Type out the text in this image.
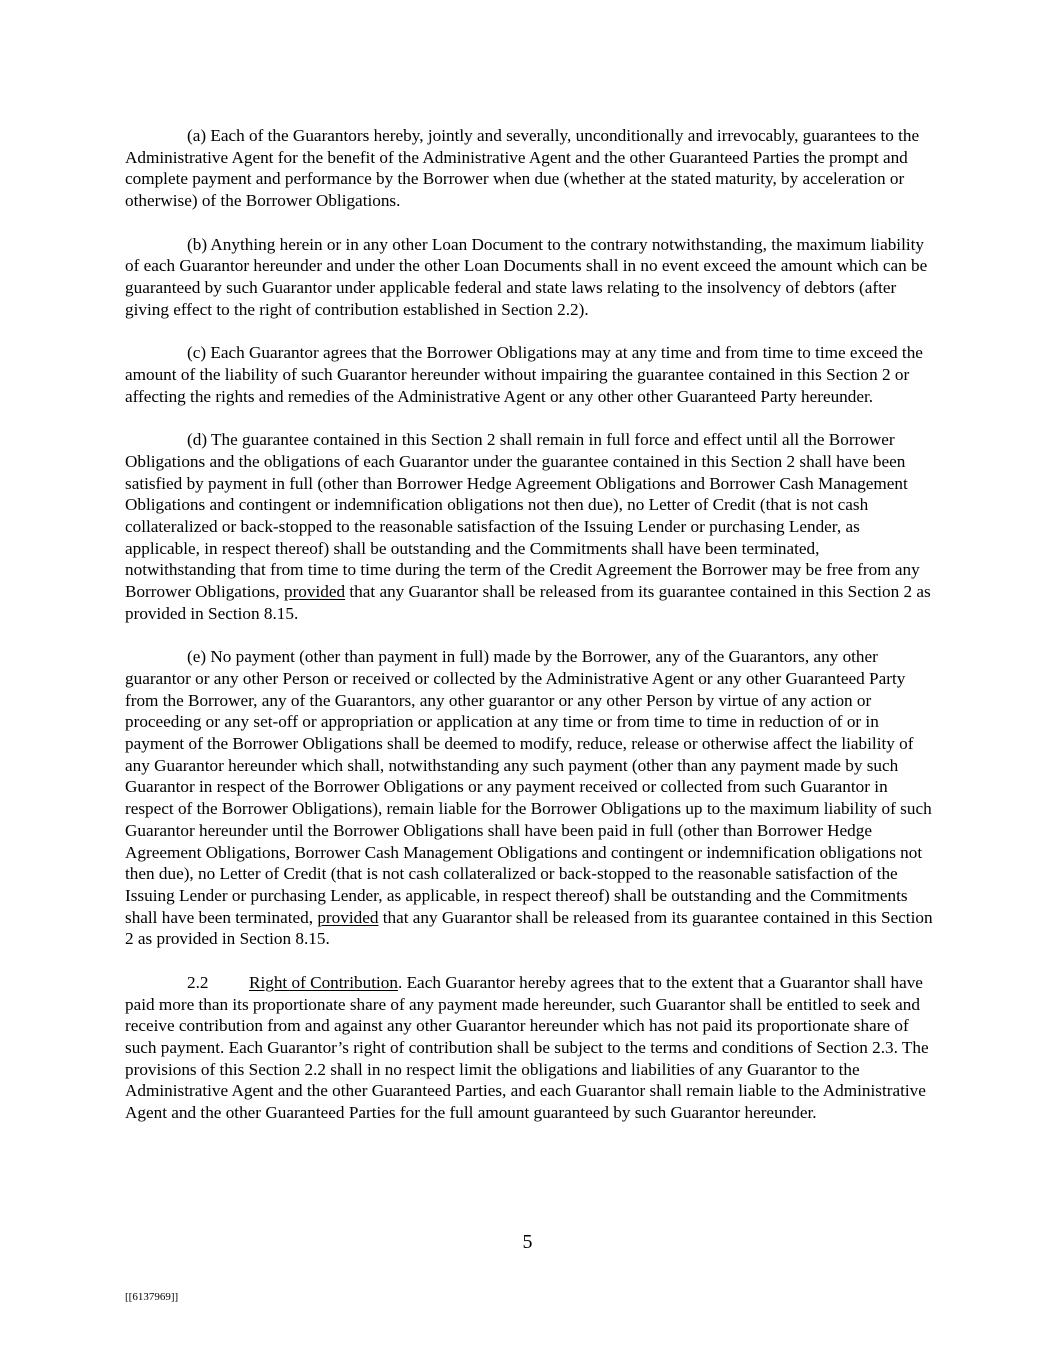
(a) Each of the Guarantors hereby, jointly and severally, unconditionally and irrevocably, guarantees to the Administrative Agent for the benefit of the Administrative Agent and the other Guaranteed Parties the prompt and complete payment and performance by the Borrower when due (whether at the stated maturity, by acceleration or otherwise) of the Borrower Obligations.

(b) Anything herein or in any other Loan Document to the contrary notwithstanding, the maximum liability of each Guarantor hereunder and under the other Loan Documents shall in no event exceed the amount which can be guaranteed by such Guarantor under applicable federal and state laws relating to the insolvency of debtors (after giving effect to the right of contribution established in Section 2.2).

(c) Each Guarantor agrees that the Borrower Obligations may at any time and from time to time exceed the amount of the liability of such Guarantor hereunder without impairing the guarantee contained in this Section 2 or affecting the rights and remedies of the Administrative Agent or any other other Guaranteed Party hereunder.

(d) The guarantee contained in this Section 2 shall remain in full force and effect until all the Borrower Obligations and the obligations of each Guarantor under the guarantee contained in this Section 2 shall have been satisfied by payment in full (other than Borrower Hedge Agreement Obligations and Borrower Cash Management Obligations and contingent or indemnification obligations not then due), no Letter of Credit (that is not cash collateralized or back-stopped to the reasonable satisfaction of the Issuing Lender or purchasing Lender, as applicable, in respect thereof) shall be outstanding and the Commitments shall have been terminated, notwithstanding that from time to time during the term of the Credit Agreement the Borrower may be free from any Borrower Obligations, provided that any Guarantor shall be released from its guarantee contained in this Section 2 as provided in Section 8.15.

(e) No payment (other than payment in full) made by the Borrower, any of the Guarantors, any other guarantor or any other Person or received or collected by the Administrative Agent or any other Guaranteed Party from the Borrower, any of the Guarantors, any other guarantor or any other Person by virtue of any action or proceeding or any set-off or appropriation or application at any time or from time to time in reduction of or in payment of the Borrower Obligations shall be deemed to modify, reduce, release or otherwise affect the liability of any Guarantor hereunder which shall, notwithstanding any such payment (other than any payment made by such Guarantor in respect of the Borrower Obligations or any payment received or collected from such Guarantor in respect of the Borrower Obligations), remain liable for the Borrower Obligations up to the maximum liability of such Guarantor hereunder until the Borrower Obligations shall have been paid in full (other than Borrower Hedge Agreement Obligations, Borrower Cash Management Obligations and contingent or indemnification obligations not then due), no Letter of Credit (that is not cash collateralized or back-stopped to the reasonable satisfaction of the Issuing Lender or purchasing Lender, as applicable, in respect thereof) shall be outstanding and the Commitments shall have been terminated, provided that any Guarantor shall be released from its guarantee contained in this Section 2 as provided in Section 8.15.

2.2 Right of Contribution. Each Guarantor hereby agrees that to the extent that a Guarantor shall have paid more than its proportionate share of any payment made hereunder, such Guarantor shall be entitled to seek and receive contribution from and against any other Guarantor hereunder which has not paid its proportionate share of such payment. Each Guarantor’s right of contribution shall be subject to the terms and conditions of Section 2.3. The provisions of this Section 2.2 shall in no respect limit the obligations and liabilities of any Guarantor to the Administrative Agent and the other Guaranteed Parties, and each Guarantor shall remain liable to the Administrative Agent and the other Guaranteed Parties for the full amount guaranteed by such Guarantor hereunder.

5
[[6137969]]
